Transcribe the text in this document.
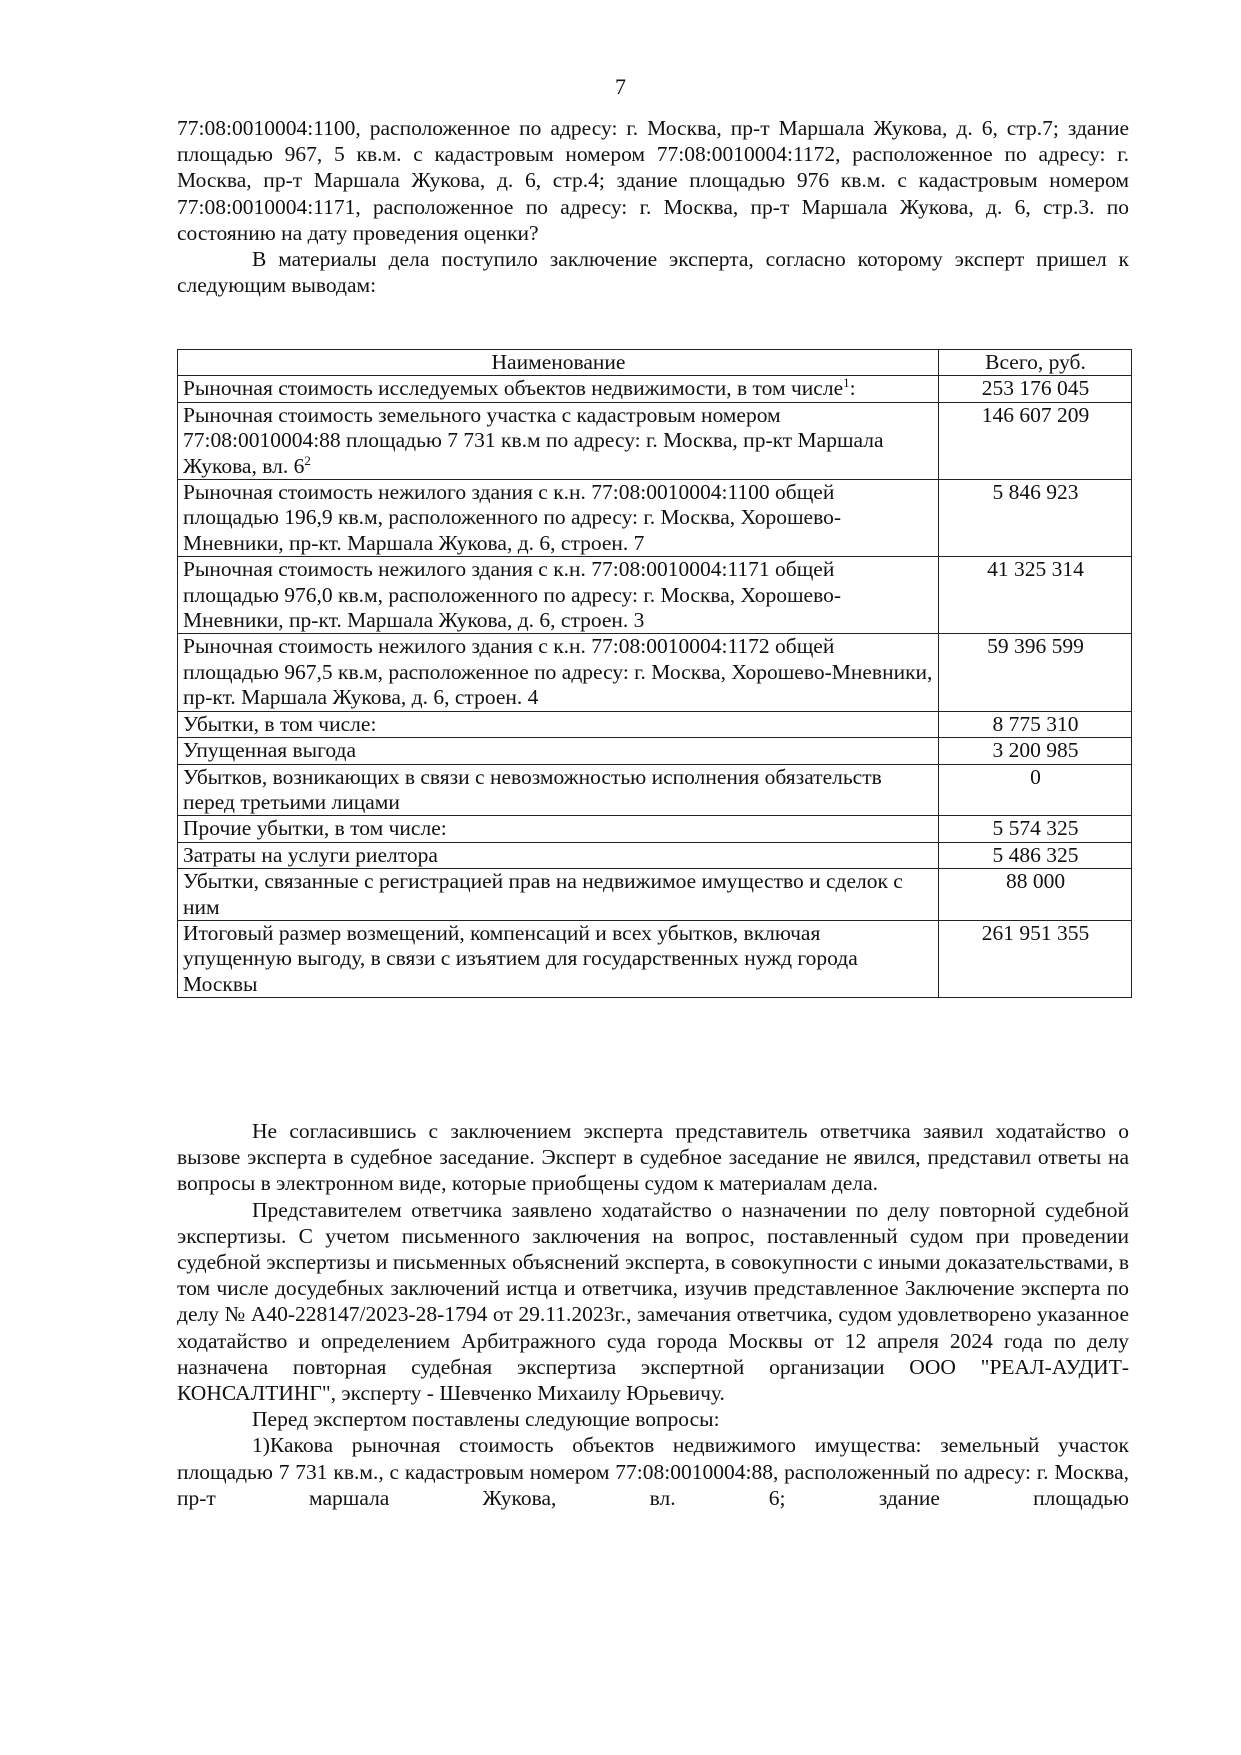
7

77:08:0010004:1100, расположенное по адресу: г. Москва, пр-т Маршала Жукова, д. 6, стр.7; здание площадью 967, 5 кв.м. с кадастровым номером 77:08:0010004:1172, расположенное по адресу: г. Москва, пр-т Маршала Жукова, д. 6, стр.4; здание площадью 976 кв.м. с кадастровым номером 77:08:0010004:1171, расположенное по адресу: г. Москва, пр-т Маршала Жукова, д. 6, стр.3. по состоянию на дату проведения оценки?

В материалы дела поступило заключение эксперта, согласно которому эксперт пришел к следующим выводам:

Наименование	Всего, руб.
Рыночная стоимость исследуемых объектов недвижимости, в том числе$^1$:	253 176 045
Рыночная стоимость земельного участка с кадастровым номером 77:08:0010004:88 площадью 7 731 кв.м по адресу: г. Москва, пр-кт Маршала Жукова, вл. $6^2$	146 607 209
Рыночная стоимость нежилого здания с к.н. 77:08:0010004:1100 общей площадью 196,9 кв.м, расположенного по адресу: г. Москва, Хорошево-Мневники, пр-кт. Маршала Жукова, д. 6, строен. 7	5 846 923
Рыночная стоимость нежилого здания с к.н. 77:08:0010004:1171 общей площадью 976,0 кв.м, расположенного по адресу: г. Москва, Хорошево-Мневники, пр-кт. Маршала Жукова, д. 6, строен. 3	41 325 314
Рыночная стоимость нежилого здания с к.н. 77:08:0010004:1172 общей площадью 967,5 кв.м, расположенное по адресу: г. Москва, Хорошево-Мневники, пр-кт. Маршала Жукова, д. 6, строен. 4	59 396 599
Убытки, в том числе:	8 775 310
Упущенная выгода	3 200 985
Убытков, возникающих в связи с невозможностью исполнения обязательств перед третьими лицами	0
Прочие убытки, в том числе:	5 574 325
Затраты на услуги риелтора	5 486 325
Убытки, связанные с регистрацией прав на недвижимое имущество и сделок с ним	88 000
Итоговый размер возмещений, компенсаций и всех убытков, включая упущенную выгоду, в связи с изъятием для государственных нужд города Москвы	261 951 355

Не согласившись с заключением эксперта представитель ответчика заявил ходатайство о вызове эксперта в судебное заседание. Эксперт в судебное заседание не явился, представил ответы на вопросы в электронном виде, которые приобщены судом к материалам дела.

Представителем ответчика заявлено ходатайство о назначении по делу повторной судебной экспертизы. С учетом письменного заключения на вопрос, поставленный судом при проведении судебной экспертизы и письменных объяснений эксперта, в совокупности с иными доказательствами, в том числе досудебных заключений истца и ответчика, изучив представленное Заключение эксперта по делу № А40-228147/2023-28-1794 от 29.11.2023г., замечания ответчика, судом удовлетворено указанное ходатайство и определением Арбитражного суда города Москвы от 12 апреля 2024 года по делу назначена повторная судебная экспертиза экспертной организации ООО "РЕАЛ-АУДИТ-КОНСАЛТИНГ", эксперту - Шевченко Михаилу Юрьевичу.

Перед экспертом поставлены следующие вопросы:

1)Какова рыночная стоимость объектов недвижимого имущества: земельный участок площадью 7 731 кв.м., с кадастровым номером 77:08:0010004:88, расположенный по адресу: г. Москва, пр-т маршала Жукова, вл. 6; здание площадью
